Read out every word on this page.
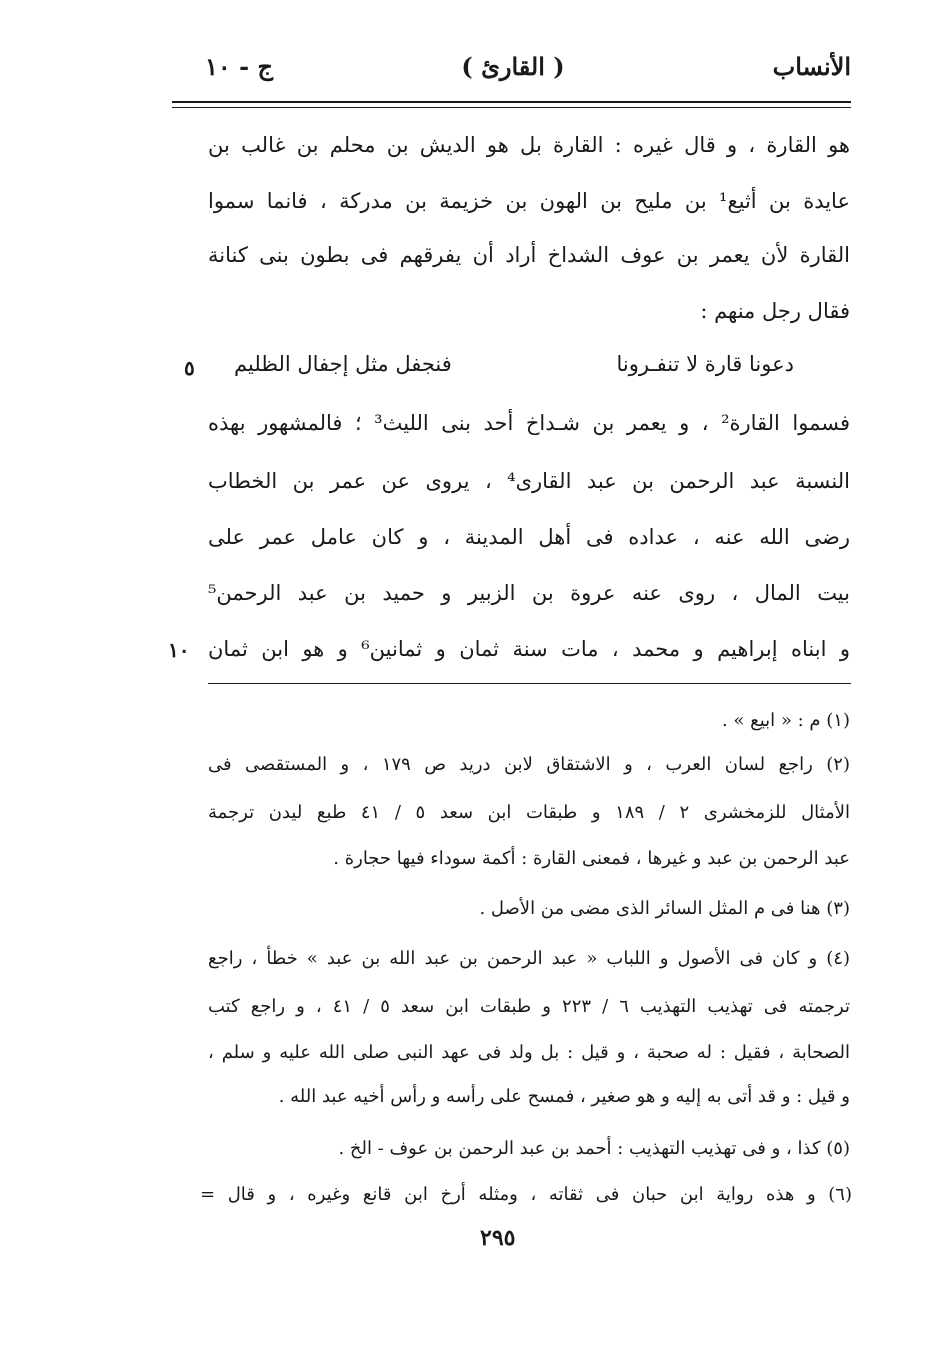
الأنساب
( القارئ )
ج - ١٠
هو القارة ، و قال غيره : القارة بل هو الديش بن محلم بن غالب بن
عايدة بن أثيع¹ بن مليح بن الهون بن خزيمة بن مدركة ، فانما سموا
القارة لأن يعمر بن عوف الشداخ أراد أن يفرقهم فى بطون بنى كنانة
فقال رجل منهم :
دعونا قارة لا تنفـرونا
فنجفل مثل إجفال الظليم
٥
فسموا القارة² ، و يعمر بن شـداخ أحد بنى الليث³ ؛ فالمشهور بهذه
النسبة عبد الرحمن بن عبد القارى⁴ ، يروى عن عمر بن الخطاب
رضى الله عنه ، عداده فى أهل المدينة ، و كان عامل عمر على
بيت المال ، روى عنه عروة بن الزبير و حميد بن عبد الرحمن⁵
و ابناه إبراهيم و محمد ، مات سنة ثمان و ثمانين⁶ و هو ابن ثمان
١٠
(١) م : « ابيع » .
(٢) راجع لسان العرب ، و الاشتقاق لابن دريد ص ١٧٩ ، و المستقصى فى
الأمثال للزمخشرى ٢ / ١٨٩ و طبقات ابن سعد ٥ / ٤١ طبع ليدن ترجمة
عبد الرحمن بن عبد و غيرها ، فمعنى القارة : أكمة سوداء فيها حجارة .
(٣) هنا فى م المثل السائر الذى مضى من الأصل .
(٤) و كان فى الأصول و اللباب « عبد الرحمن بن عبد الله بن عبد » خطأ ، راجع
ترجمته فى تهذيب التهذيب ٦ / ٢٢٣ و طبقات ابن سعد ٥ / ٤١ ، و راجع كتب
الصحابة ، فقيل : له صحبة ، و قيل : بل ولد فى عهد النبى صلى الله عليه و سلم ،
و قيل : و قد أتى به إليه و هو صغير ، فمسح على رأسه و رأس أخيه عبد الله .
(٥) كذا ، و فى تهذيب التهذيب : أحمد بن عبد الرحمن بن عوف - الخ .
(٦) و هذه رواية ابن حبان فى ثقاته ، ومثله أرخ ابن قانع وغيره ، و قال =
٢٩٥
